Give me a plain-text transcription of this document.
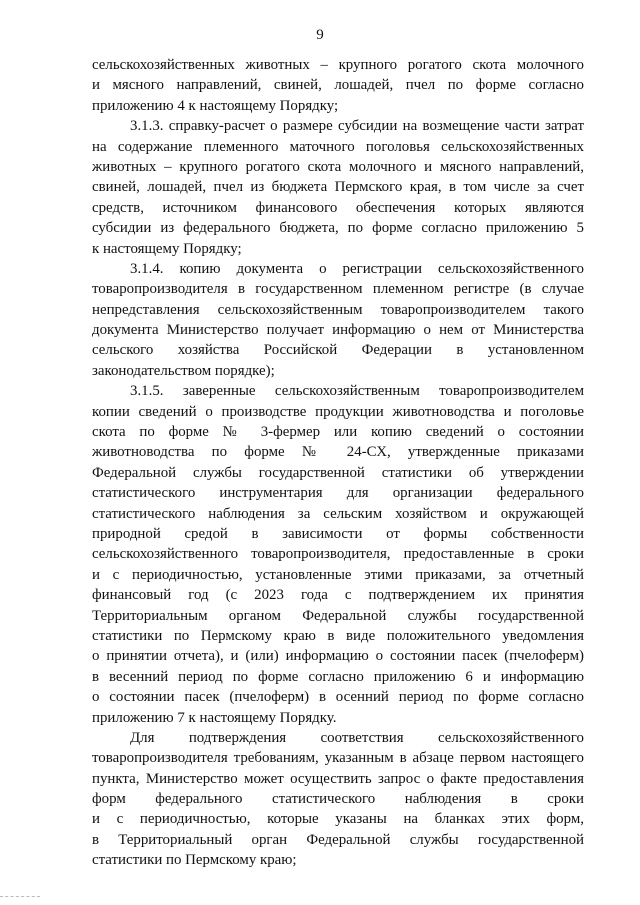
9
сельскохозяйственных животных – крупного рогатого скота молочного
и мясного направлений, свиней, лошадей, пчел по форме согласно
приложению 4 к настоящему Порядку;
3.1.3. справку-расчет о размере субсидии на возмещение части затрат
на содержание племенного маточного поголовья сельскохозяйственных
животных – крупного рогатого скота молочного и мясного направлений,
свиней, лошадей, пчел из бюджета Пермского края, в том числе за счет
средств, источником финансового обеспечения которых являются
субсидии из федерального бюджета, по форме согласно приложению 5
к настоящему Порядку;
3.1.4. копию документа о регистрации сельскохозяйственного
товаропроизводителя в государственном племенном регистре (в случае
непредставления сельскохозяйственным товаропроизводителем такого
документа Министерство получает информацию о нем от Министерства
сельского хозяйства Российской Федерации в установленном
законодательством порядке);
3.1.5. заверенные сельскохозяйственным товаропроизводителем
копии сведений о производстве продукции животноводства и поголовье
скота по форме № 3-фермер или копию сведений о состоянии
животноводства по форме № 24-СХ, утвержденные приказами
Федеральной службы государственной статистики об утверждении
статистического инструментария для организации федерального
статистического наблюдения за сельским хозяйством и окружающей
природной средой в зависимости от формы собственности
сельскохозяйственного товаропроизводителя, предоставленные в сроки
и с периодичностью, установленные этими приказами, за отчетный
финансовый год (с 2023 года с подтверждением их принятия
Территориальным органом Федеральной службы государственной
статистики по Пермскому краю в виде положительного уведомления
о принятии отчета), и (или) информацию о состоянии пасек (пчелоферм)
в весенний период по форме согласно приложению 6 и информацию
о состоянии пасек (пчелоферм) в осенний период по форме согласно
приложению 7 к настоящему Порядку.
Для подтверждения соответствия сельскохозяйственного
товаропроизводителя требованиям, указанным в абзаце первом настоящего
пункта, Министерство может осуществить запрос о факте предоставления
форм федерального статистического наблюдения в сроки
и с периодичностью, которые указаны на бланках этих форм,
в Территориальный орган Федеральной службы государственной
статистики по Пермскому краю;
